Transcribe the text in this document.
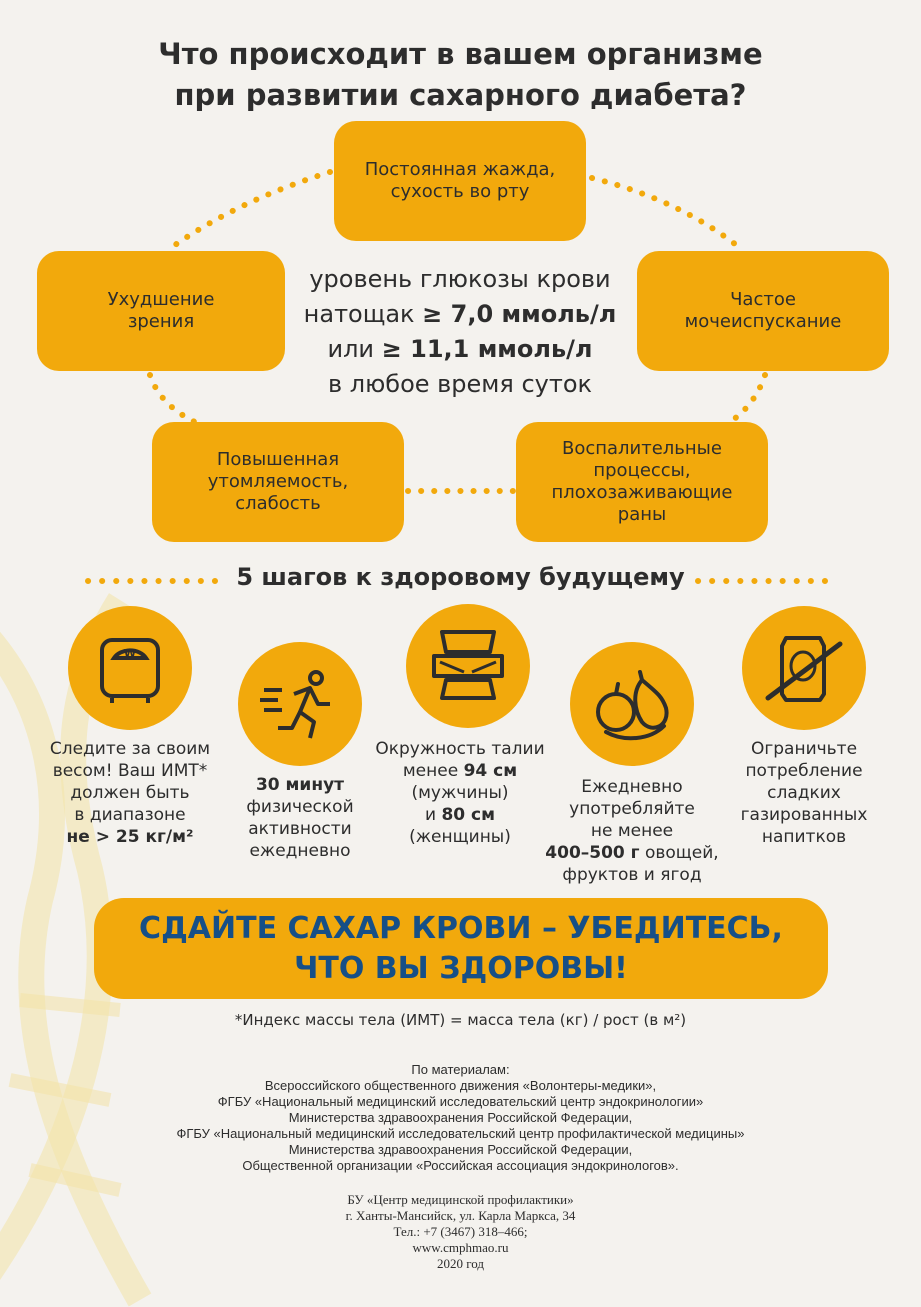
Что происходит в вашем организме
при развитии сахарного диабета?
Постоянная жажда,
сухость во рту
Ухудшение
зрения
Частое
мочеиспускание
Повышенная
утомляемость,
слабость
Воспалительные
процессы,
плохозаживающие
раны
уровень глюкозы крови
натощак ≥ 7,0 ммоль/л
или ≥ 11,1 ммоль/л
в любое время суток
5 шагов к здоровому будущему
W
Следите за своим
весом! Ваш ИМТ*
должен быть
в диапазоне
не > 25 кг/м²
30 минут
физической
активности
ежедневно
Окружность талии
менее 94 см
(мужчины)
и 80 см
(женщины)
Ежедневно
употребляйте
не менее
400–500 г овощей,
фруктов и ягод
Ограничьте
потребление
сладких
газированных
напитков
СДАЙТЕ САХАР КРОВИ – УБЕДИТЕСЬ,
ЧТО ВЫ ЗДОРОВЫ!
*Индекс массы тела (ИМТ) = масса тела (кг) / рост (в м²)
По материалам:
Всероссийского общественного движения «Волонтеры-медики»,
ФГБУ «Национальный медицинский исследовательский центр эндокринологии»
Министерства здравоохранения Российской Федерации,
ФГБУ «Национальный медицинский исследовательский центр профилактической медицины»
Министерства здравоохранения Российской Федерации,
Общественной организации «Российская ассоциация эндокринологов».
БУ «Центр медицинской профилактики»
г. Ханты-Мансийск, ул. Карла Маркса, 34
Тел.: +7 (3467) 318–466;
www.cmphmao.ru
2020 год
